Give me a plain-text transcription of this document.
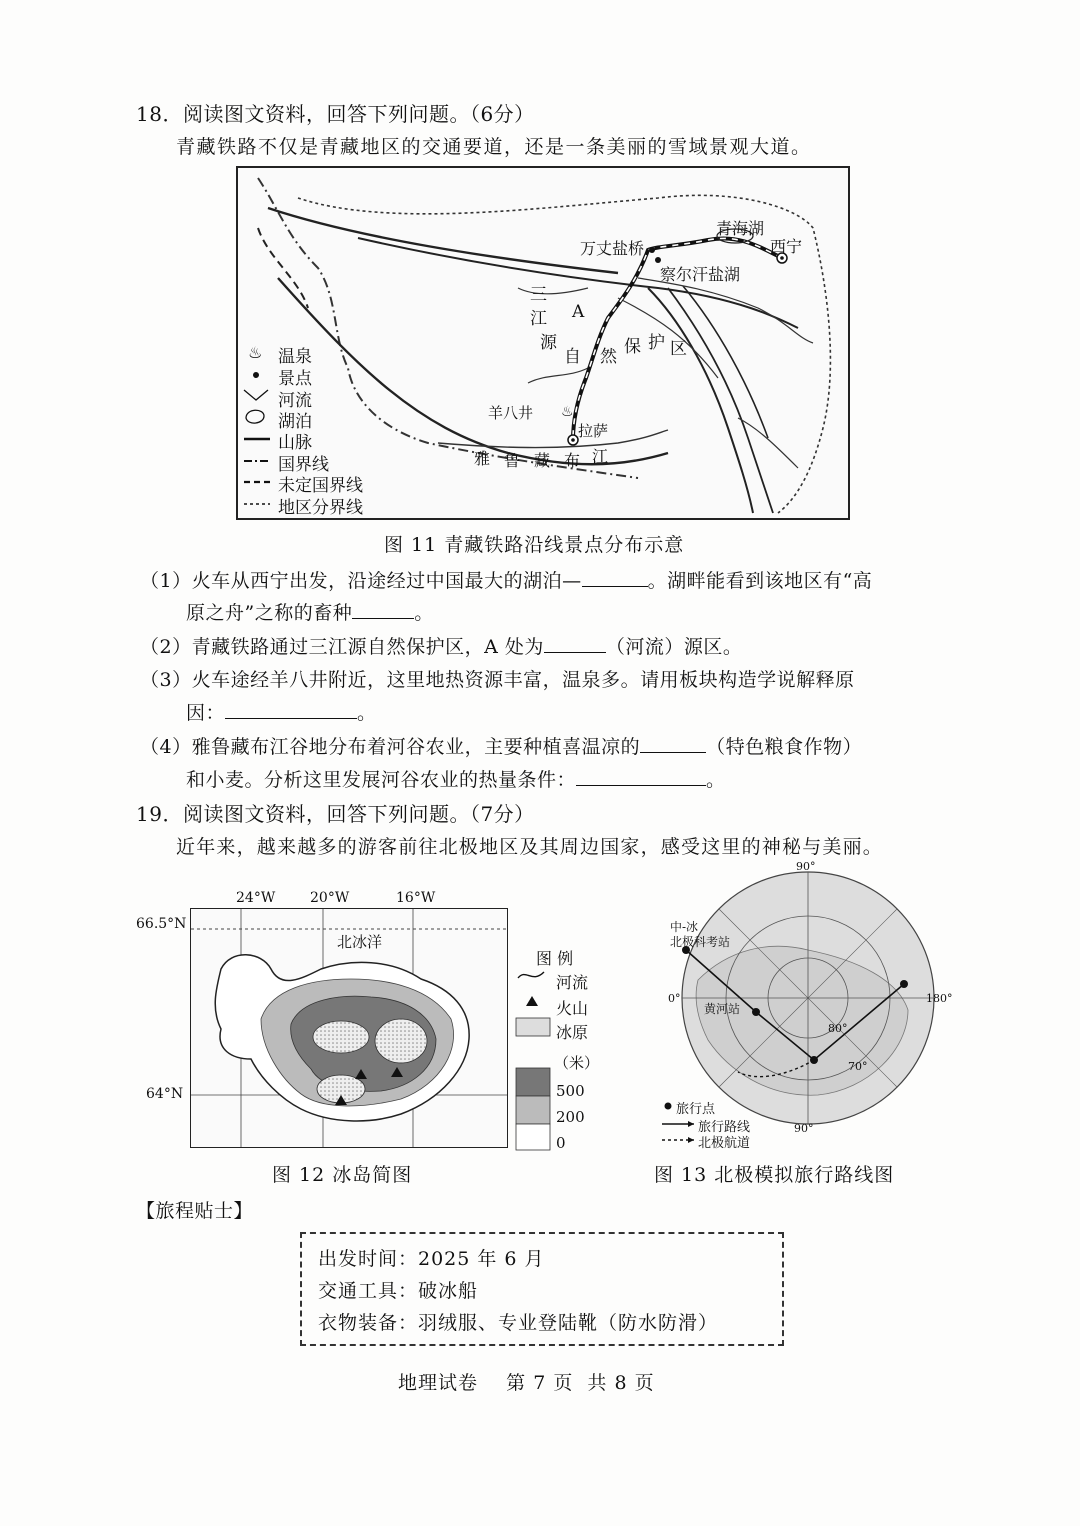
18．阅读图文资料，回答下列问题。（6分）
青藏铁路不仅是青藏地区的交通要道，还是一条美丽的雪域景观大道。
♨
♨
万丈盐桥
青海湖
西宁
察尔汗盐湖
羊八井
拉萨
三
江 A
源
自 然 保 护 区
雅 鲁 藏 布 江
温泉
景点
河流
湖泊
山脉
国界线
未定国界线
地区分界线
图 11 青藏铁路沿线景点分布示意
（1）火车从西宁出发，沿途经过中国最大的湖泊—	。湖畔能看到该地区有“高
原之舟”之称的畜种	。
（2）青藏铁路通过三江源自然保护区，A 处为	（河流）源区。
（3）火车途经羊八井附近，这里地热资源丰富，温泉多。请用板块构造学说解释原
因：	。
（4）雅鲁藏布江谷地分布着河谷农业，主要种植喜温凉的	（特色粮食作物）
和小麦。分析这里发展河谷农业的热量条件：	。
19．阅读图文资料，回答下列问题。（7分）
近年来，越来越多的游客前往北极地区及其周边国家，感受这里的神秘与美丽。
24°W 20°W	16°W
66.5°N
64°N
北冰洋
图 例
河流
火山
冰原
（米）
500
200
0
图 12 冰岛简图
90°
0°	180°
90°
80°
70°
中-冰
北极科考站
黄河站
旅行点
旅行路线
北极航道
图 13 北极模拟旅行路线图
【旅程贴士】
出发时间：2025 年 6 月
交通工具：破冰船
衣物装备：羽绒服、专业登陆靴（防水防滑）
地理试卷    第 7 页  共 8 页
